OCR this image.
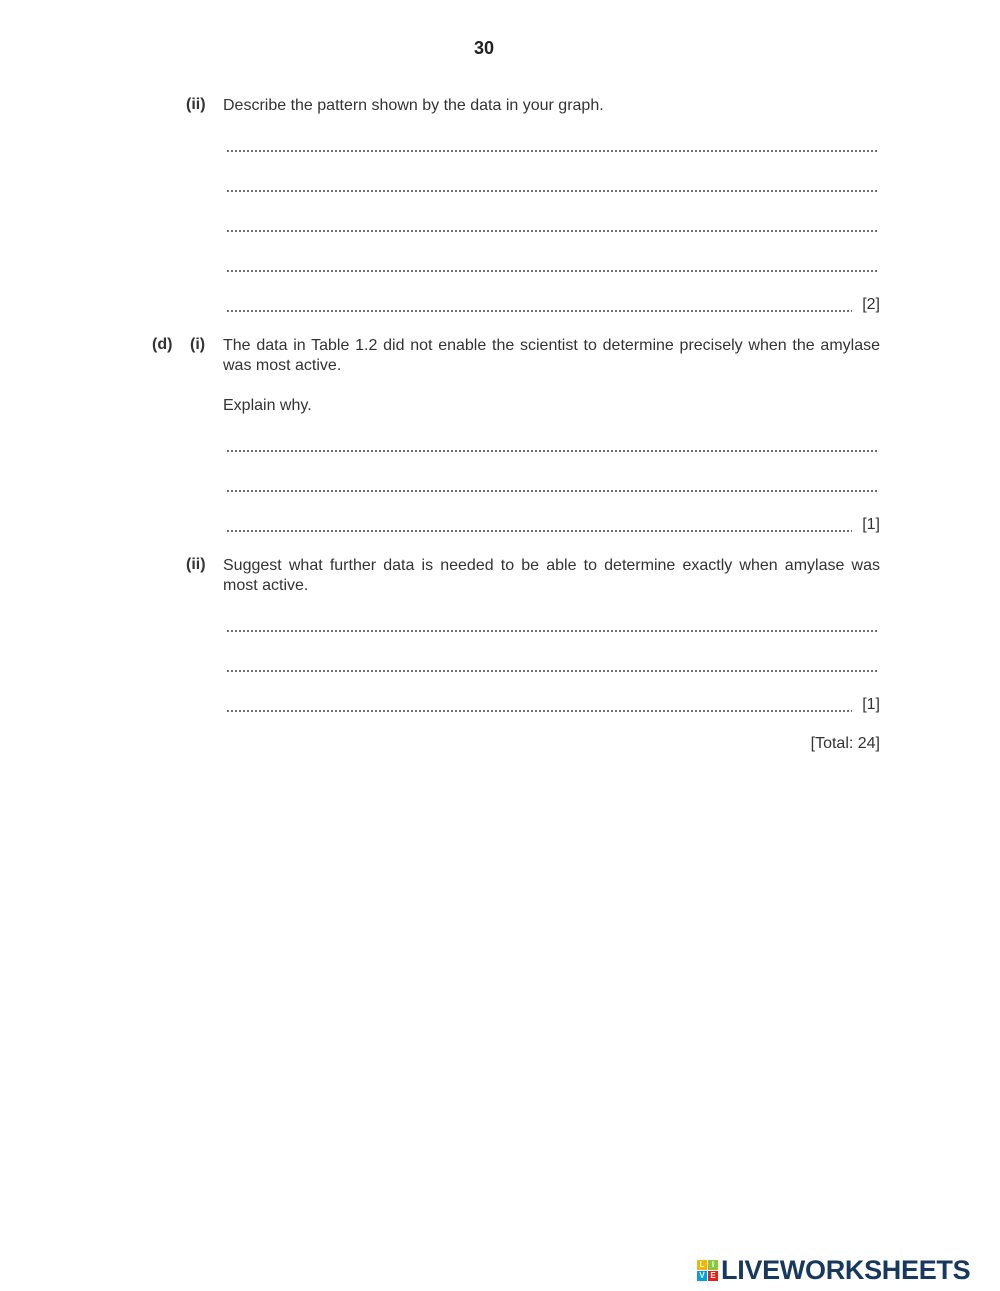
30
(ii) Describe the pattern shown by the data in your graph.
[2]
(d) (i) The data in Table 1.2 did not enable the scientist to determine precisely when the amylase was most active.
Explain why.
[1]
(ii) Suggest what further data is needed to be able to determine exactly when amylase was most active.
[1]
[Total: 24]
L I
V E LIVEWORKSHEETS
